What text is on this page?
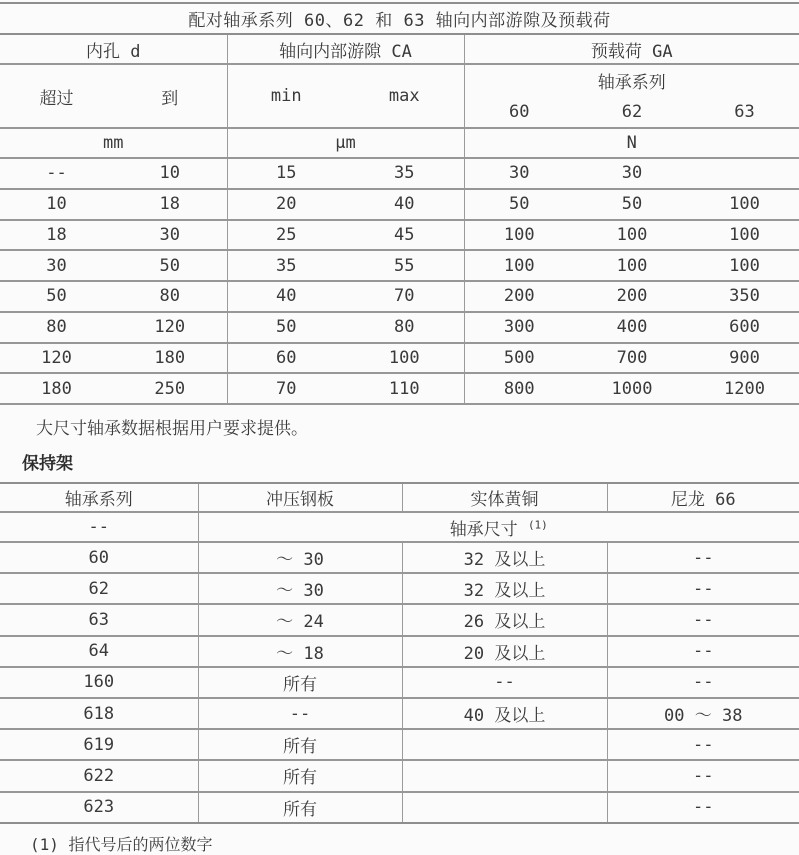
配对轴承系列 60、62 和 63 轴向内部游隙及预载荷
内孔 d		轴向内部游隙 CA		预载荷 GA		
超过	到	min	max	轴承系列		
				60	62	63
mm		μm		N		
--	10	15	35	30	30	
10	18	20	40	50	50	100
18	30	25	45	100	100	100
30	50	35	55	100	100	100
50	80	40	70	200	200	350
80	120	50	80	300	400	600
120	180	60	100	500	700	900
180	250	70	110	800	1000	1200

大尺寸轴承数据根据用户要求提供。

保持架
轴承系列	冲压钢板	实体黄铜	尼龙 66
--	轴承尺寸 $^{(1)}$
60	～ 30	32 及以上	--
62	～ 30	32 及以上	--
63	～ 24	26 及以上	--
64	～ 18	20 及以上	--
160	所有	--	--
618	--	40 及以上	00 ～ 38
619	所有		--
622	所有		--
623	所有		--

(1) 指代号后的两位数字
